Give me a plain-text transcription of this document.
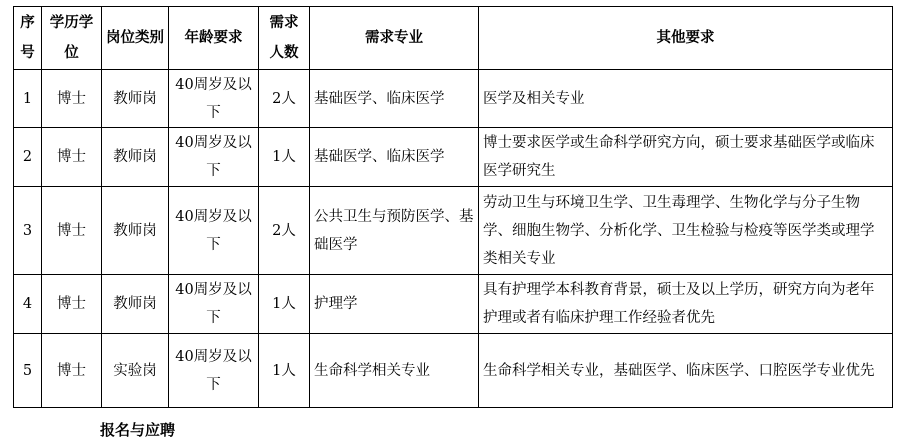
序号	学历学位	岗位类别	年龄要求	需求人数	需求专业	其他要求
1	博士	教师岗	40周岁及以下	2人	基础医学、临床医学	医学及相关专业
2	博士	教师岗	40周岁及以下	1人	基础医学、临床医学	博士要求医学或生命科学研究方向，硕士要求基础医学或临床医学研究生
3	博士	教师岗	40周岁及以下	2人	公共卫生与预防医学、基础医学	劳动卫生与环境卫生学、卫生毒理学、生物化学与分子生物学、细胞生物学、分析化学、卫生检验与检疫等医学类或理学类相关专业
4	博士	教师岗	40周岁及以下	1人	护理学	具有护理学本科教育背景，硕士及以上学历，研究方向为老年护理或者有临床护理工作经验者优先
5	博士	实验岗	40周岁及以下	1人	生命科学相关专业	生命科学相关专业，基础医学、临床医学、口腔医学专业优先
报名与应聘
